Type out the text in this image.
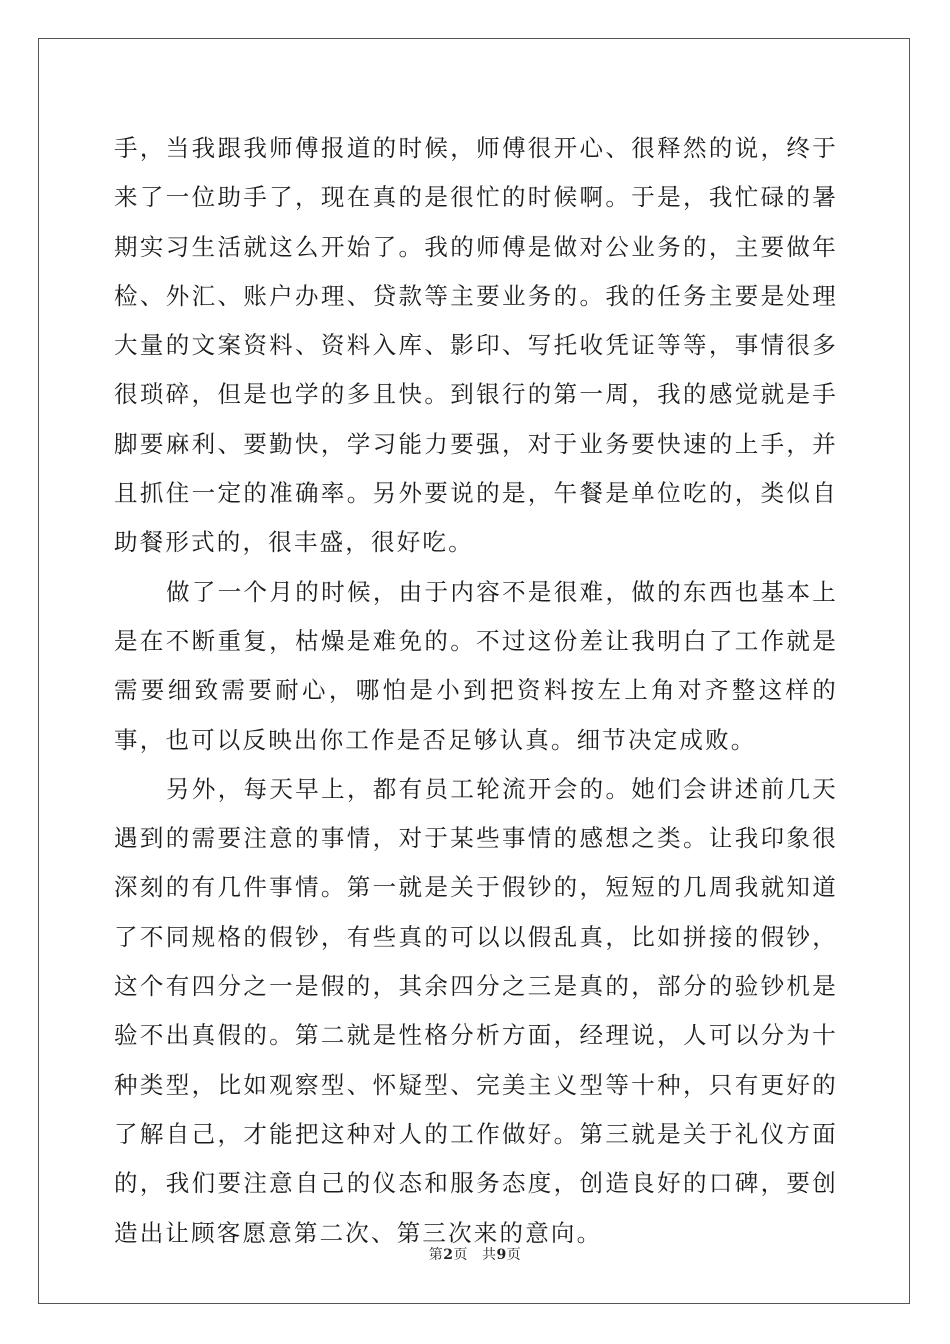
手，当我跟我师傅报道的时候，师傅很开心、很释然的说，终于来了一位助手了，现在真的是很忙的时候啊。于是，我忙碌的暑期实习生活就这么开始了。我的师傅是做对公业务的，主要做年检、外汇、账户办理、贷款等主要业务的。我的任务主要是处理大量的文案资料、资料入库、影印、写托收凭证等等，事情很多很琐碎，但是也学的多且快。到银行的第一周，我的感觉就是手脚要麻利、要勤快，学习能力要强，对于业务要快速的上手，并且抓住一定的准确率。另外要说的是，午餐是单位吃的，类似自助餐形式的，很丰盛，很好吃。

做了一个月的时候，由于内容不是很难，做的东西也基本上是在不断重复，枯燥是难免的。不过这份差让我明白了工作就是需要细致需要耐心，哪怕是小到把资料按左上角对齐整这样的事，也可以反映出你工作是否足够认真。细节决定成败。

另外，每天早上，都有员工轮流开会的。她们会讲述前几天遇到的需要注意的事情，对于某些事情的感想之类。让我印象很深刻的有几件事情。第一就是关于假钞的，短短的几周我就知道了不同规格的假钞，有些真的可以以假乱真，比如拼接的假钞，这个有四分之一是假的，其余四分之三是真的，部分的验钞机是验不出真假的。第二就是性格分析方面，经理说，人可以分为十种类型，比如观察型、怀疑型、完美主义型等十种，只有更好的了解自己，才能把这种对人的工作做好。第三就是关于礼仪方面的，我们要注意自己的仪态和服务态度，创造良好的口碑，要创造出让顾客愿意第二次、第三次来的意向。

第2页 共9页
